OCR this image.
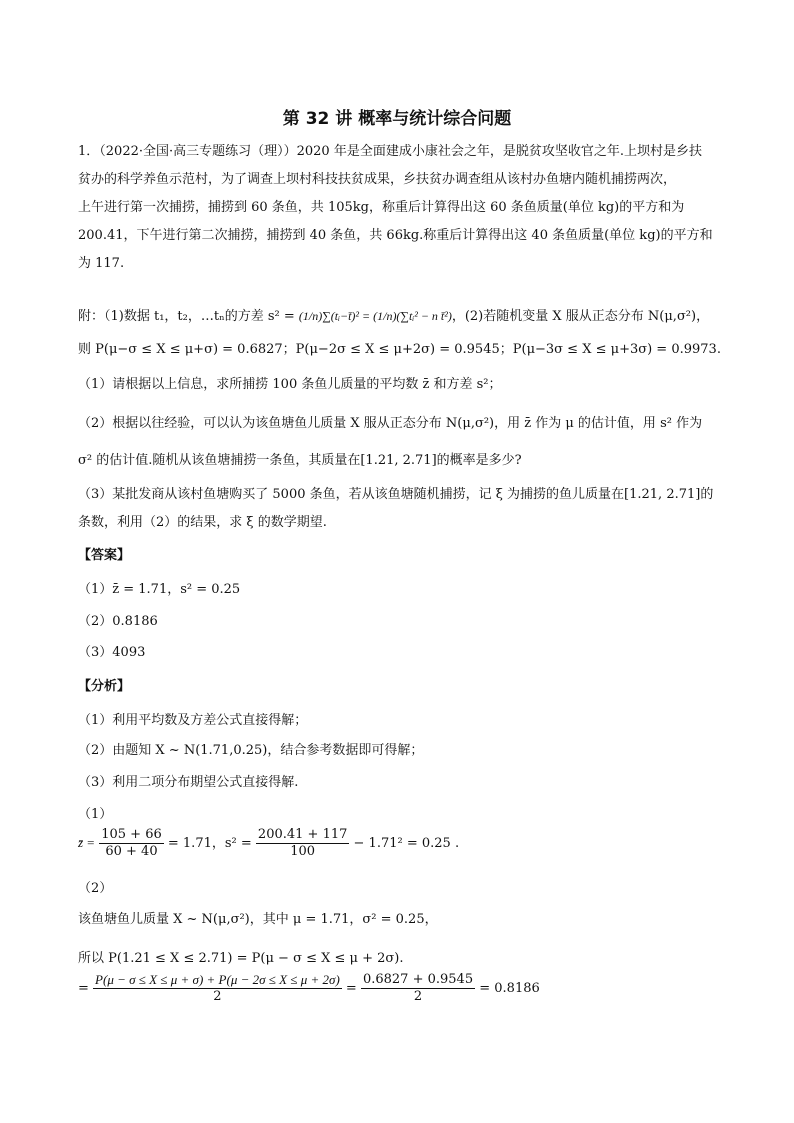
第 32 讲 概率与统计综合问题
1．（2022·全国·高三专题练习（理））2020 年是全面建成小康社会之年，是脱贫攻坚收官之年.上坝村是乡扶
贫办的科学养鱼示范村，为了调查上坝村科技扶贫成果，乡扶贫办调查组从该村办鱼塘内随机捕捞两次，
上午进行第一次捕捞，捕捞到 60 条鱼，共 105kg，称重后计算得出这 60 条鱼质量(单位 kg)的平方和为
200.41，下午进行第二次捕捞，捕捞到 40 条鱼，共 66kg.称重后计算得出这 40 条鱼质量(单位 kg)的平方和
为 117.
附：（1)数据 t₁，t₂，…tₙ的方差 s² = (1/n)∑(tᵢ−t̄)² = (1/n)(∑tᵢ² − n t̄²)，(2)若随机变量 X 服从正态分布 N(μ,σ²)，
则 P(μ−σ ≤ X ≤ μ+σ) = 0.6827；P(μ−2σ ≤ X ≤ μ+2σ) = 0.9545；P(μ−3σ ≤ X ≤ μ+3σ) = 0.9973.
（1）请根据以上信息，求所捕捞 100 条鱼儿质量的平均数 z̄ 和方差 s²；
（2）根据以往经验，可以认为该鱼塘鱼儿质量 X 服从正态分布 N(μ,σ²)，用 z̄ 作为 μ 的估计值，用 s² 作为
σ² 的估计值.随机从该鱼塘捕捞一条鱼，其质量在[1.21, 2.71]的概率是多少?
（3）某批发商从该村鱼塘购买了 5000 条鱼，若从该鱼塘随机捕捞，记 ξ 为捕捞的鱼儿质量在[1.21, 2.71]的
条数，利用（2）的结果，求 ξ 的数学期望.
【答案】
（1）z̄ = 1.71，s² = 0.25
（2）0.8186
（3）4093
【分析】
（1）利用平均数及方差公式直接得解；
（2）由题知 X ~ N(1.71,0.25)，结合参考数据即可得解；
（3）利用二项分布期望公式直接得解.
（1）
z̄ = $\frac{105 + 66}{60 + 40} = 1.71$，$s^2 = \frac{200.41 + 117}{100} - 1.71^2 = 0.25$ .
（2）
该鱼塘鱼儿质量 X ~ N(μ,σ²)，其中 μ = 1.71，σ² = 0.25，
所以 P(1.21 ≤ X ≤ 2.71) = P(μ − σ ≤ X ≤ μ + 2σ).
= $\frac{P(\mu - \sigma \le X \le \mu + \sigma) + P(\mu - 2\sigma \le X \le \mu + 2\sigma)}{2} = \frac{0.6827 + 0.9545}{2} = 0.8186$
